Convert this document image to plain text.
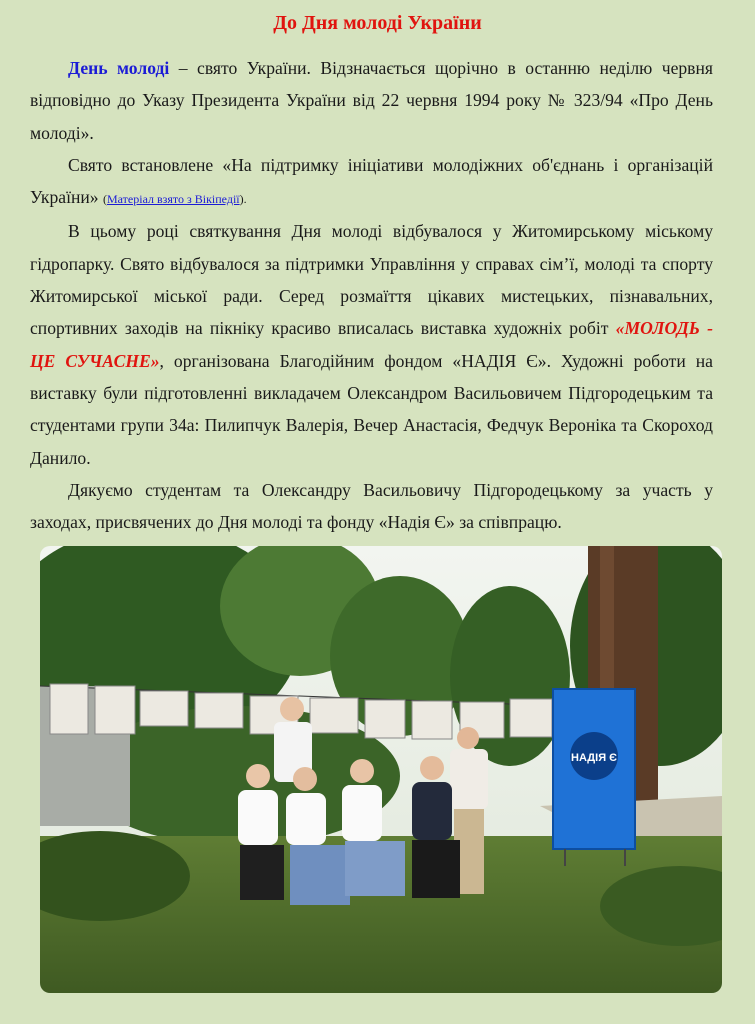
До Дня молоді України

День молоді – свято України. Відзначається щорічно в останню неділю червня відповідно до Указу Президента України від 22 червня 1994 року № 323/94 «Про День молоді».

Свято встановлене «На підтримку ініціативи молодіжних об'єднань і організацій України» (Матеріал взято з Вікіпедії).

В цьому році святкування Дня молоді відбувалося у Житомирському міському гідропарку. Свято відбувалося за підтримки Управління у справах сім’ї, молоді та спорту Житомирської міської ради. Серед розмаїття цікавих мистецьких, пізнавальних, спортивних заходів на пікніку красиво вписалась виставка художніх робіт «МОЛОДЬ - ЦЕ СУЧАСНЕ», організована Благодійним фондом «НАДІЯ Є». Художні роботи на виставку були підготовленні викладачем Олександром Васильовичем Підгородецьким та студентами групи 34а: Пилипчук Валерія, Вечер Анастасія, Федчук Вероніка та Скороход Данило.

Дякуємо студентам та Олександру Васильовичу Підгородецькому за участь у заходах, присвячених до Дня молоді та фонду «Надія Є» за співпрацю.

НАДІЯ Є
